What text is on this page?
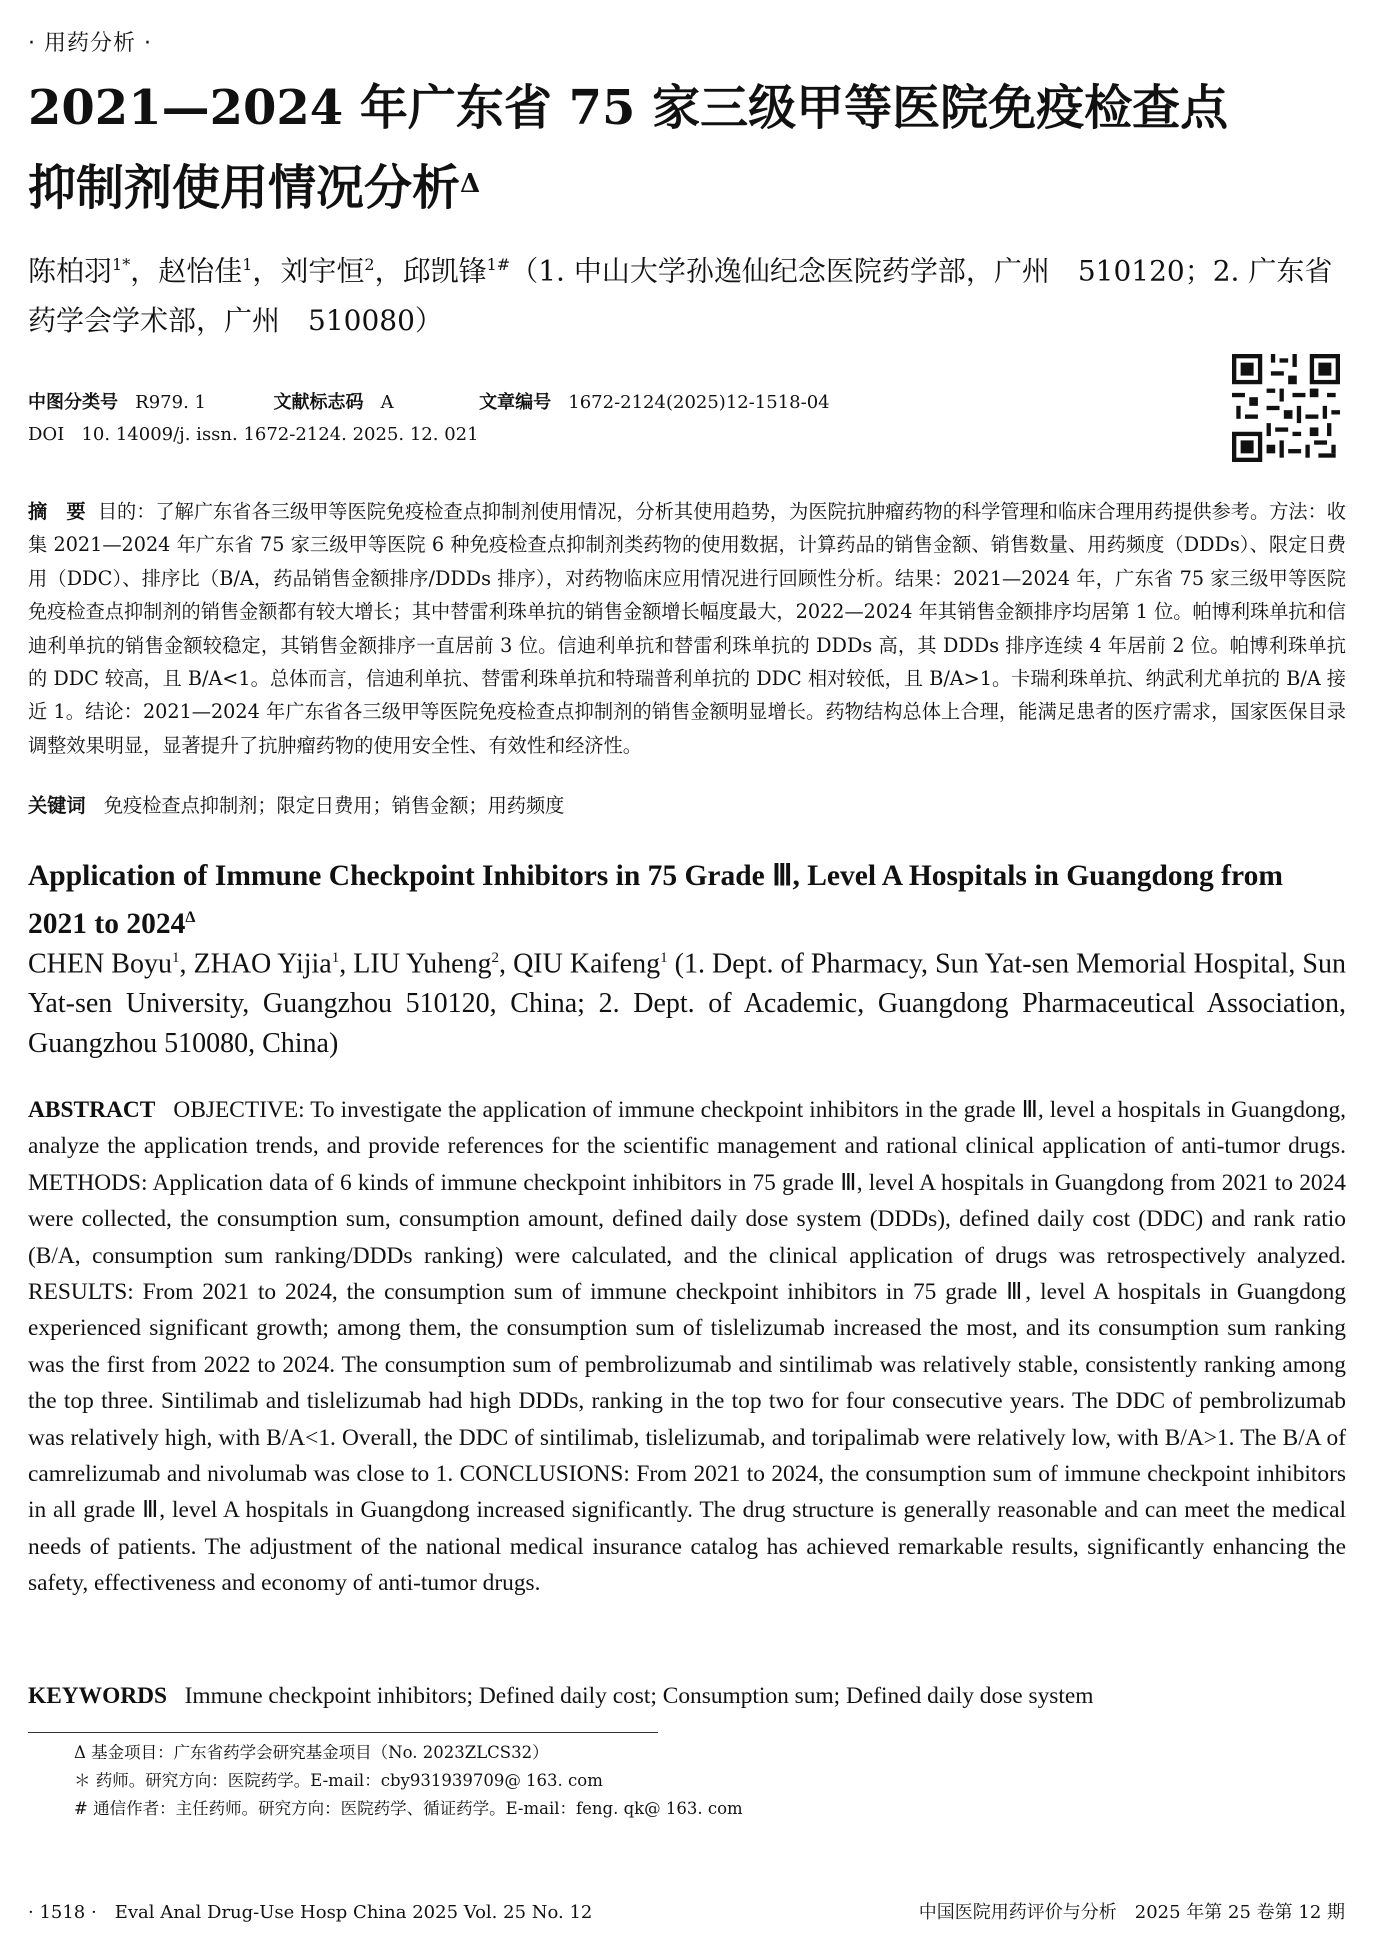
· 用药分析 ·
2021—2024 年广东省 75 家三级甲等医院免疫检查点
抑制剂使用情况分析$^\Delta$
陈柏羽$^{1*}$，赵怡佳$^1$，刘宇恒$^2$，邱凯锋$^{1\#}$（1. 中山大学孙逸仙纪念医院药学部，广州　510120；2. 广东省药学会学术部，广州　510080）
中图分类号 R979. 1	文献标志码 A	文章编号 1672-2124(2025)12-1518-04
DOI 10. 14009/j. issn. 1672-2124. 2025. 12. 021
摘　要 目的：了解广东省各三级甲等医院免疫检查点抑制剂使用情况，分析其使用趋势，为医院抗肿瘤药物的科学管理和临床合理用药提供参考。方法：收集 2021—2024 年广东省 75 家三级甲等医院 6 种免疫检查点抑制剂类药物的使用数据，计算药品的销售金额、销售数量、用药频度（DDDs）、限定日费用（DDC）、排序比（B/A，药品销售金额排序/DDDs 排序），对药物临床应用情况进行回顾性分析。结果：2021—2024 年，广东省 75 家三级甲等医院免疫检查点抑制剂的销售金额都有较大增长；其中替雷利珠单抗的销售金额增长幅度最大，2022—2024 年其销售金额排序均居第 1 位。帕博利珠单抗和信迪利单抗的销售金额较稳定，其销售金额排序一直居前 3 位。信迪利单抗和替雷利珠单抗的 DDDs 高，其 DDDs 排序连续 4 年居前 2 位。帕博利珠单抗的 DDC 较高，且 B/A<1。总体而言，信迪利单抗、替雷利珠单抗和特瑞普利单抗的 DDC 相对较低，且 B/A>1。卡瑞利珠单抗、纳武利尤单抗的 B/A 接近 1。结论：2021—2024 年广东省各三级甲等医院免疫检查点抑制剂的销售金额明显增长。药物结构总体上合理，能满足患者的医疗需求，国家医保目录调整效果明显，显著提升了抗肿瘤药物的使用安全性、有效性和经济性。
关键词 免疫检查点抑制剂；限定日费用；销售金额；用药频度
Application of Immune Checkpoint Inhibitors in 75 Grade Ⅲ, Level A Hospitals in Guangdong from 2021 to $2024^\Delta$
CHEN Boyu$^1$, ZHAO Yijia$^1$, LIU Yuheng$^2$, QIU Kaifeng$^1$ (1. Dept. of Pharmacy, Sun Yat-sen Memorial Hospital, Sun Yat-sen University, Guangzhou 510120, China; 2. Dept. of Academic, Guangdong Pharmaceutical Association, Guangzhou 510080, China)
ABSTRACT OBJECTIVE: To investigate the application of immune checkpoint inhibitors in the grade Ⅲ, level a hospitals in Guangdong, analyze the application trends, and provide references for the scientific management and rational clinical application of anti-tumor drugs. METHODS: Application data of 6 kinds of immune checkpoint inhibitors in 75 grade Ⅲ, level A hospitals in Guangdong from 2021 to 2024 were collected, the consumption sum, consumption amount, defined daily dose system (DDDs), defined daily cost (DDC) and rank ratio (B/A, consumption sum ranking/DDDs ranking) were calculated, and the clinical application of drugs was retrospectively analyzed. RESULTS: From 2021 to 2024, the consumption sum of immune checkpoint inhibitors in 75 grade Ⅲ, level A hospitals in Guangdong experienced significant growth; among them, the consumption sum of tislelizumab increased the most, and its consumption sum ranking was the first from 2022 to 2024. The consumption sum of pembrolizumab and sintilimab was relatively stable, consistently ranking among the top three. Sintilimab and tislelizumab had high DDDs, ranking in the top two for four consecutive years. The DDC of pembrolizumab was relatively high, with B/A<1. Overall, the DDC of sintilimab, tislelizumab, and toripalimab were relatively low, with B/A>1. The B/A of camrelizumab and nivolumab was close to 1. CONCLUSIONS: From 2021 to 2024, the consumption sum of immune checkpoint inhibitors in all grade Ⅲ, level A hospitals in Guangdong increased significantly. The drug structure is generally reasonable and can meet the medical needs of patients. The adjustment of the national medical insurance catalog has achieved remarkable results, significantly enhancing the safety, effectiveness and economy of anti-tumor drugs.
KEYWORDS Immune checkpoint inhibitors; Defined daily cost; Consumption sum; Defined daily dose system
Δ 基金项目：广东省药学会研究基金项目（No. 2023ZLCS32）
＊ 药师。研究方向：医院药学。E-mail：cby931939709@ 163. com
# 通信作者：主任药师。研究方向：医院药学、循证药学。E-mail：feng. qk@ 163. com
· 1518 ·　Eval Anal Drug-Use Hosp China 2025 Vol. 25 No. 12	中国医院用药评价与分析　2025 年第 25 卷第 12 期
